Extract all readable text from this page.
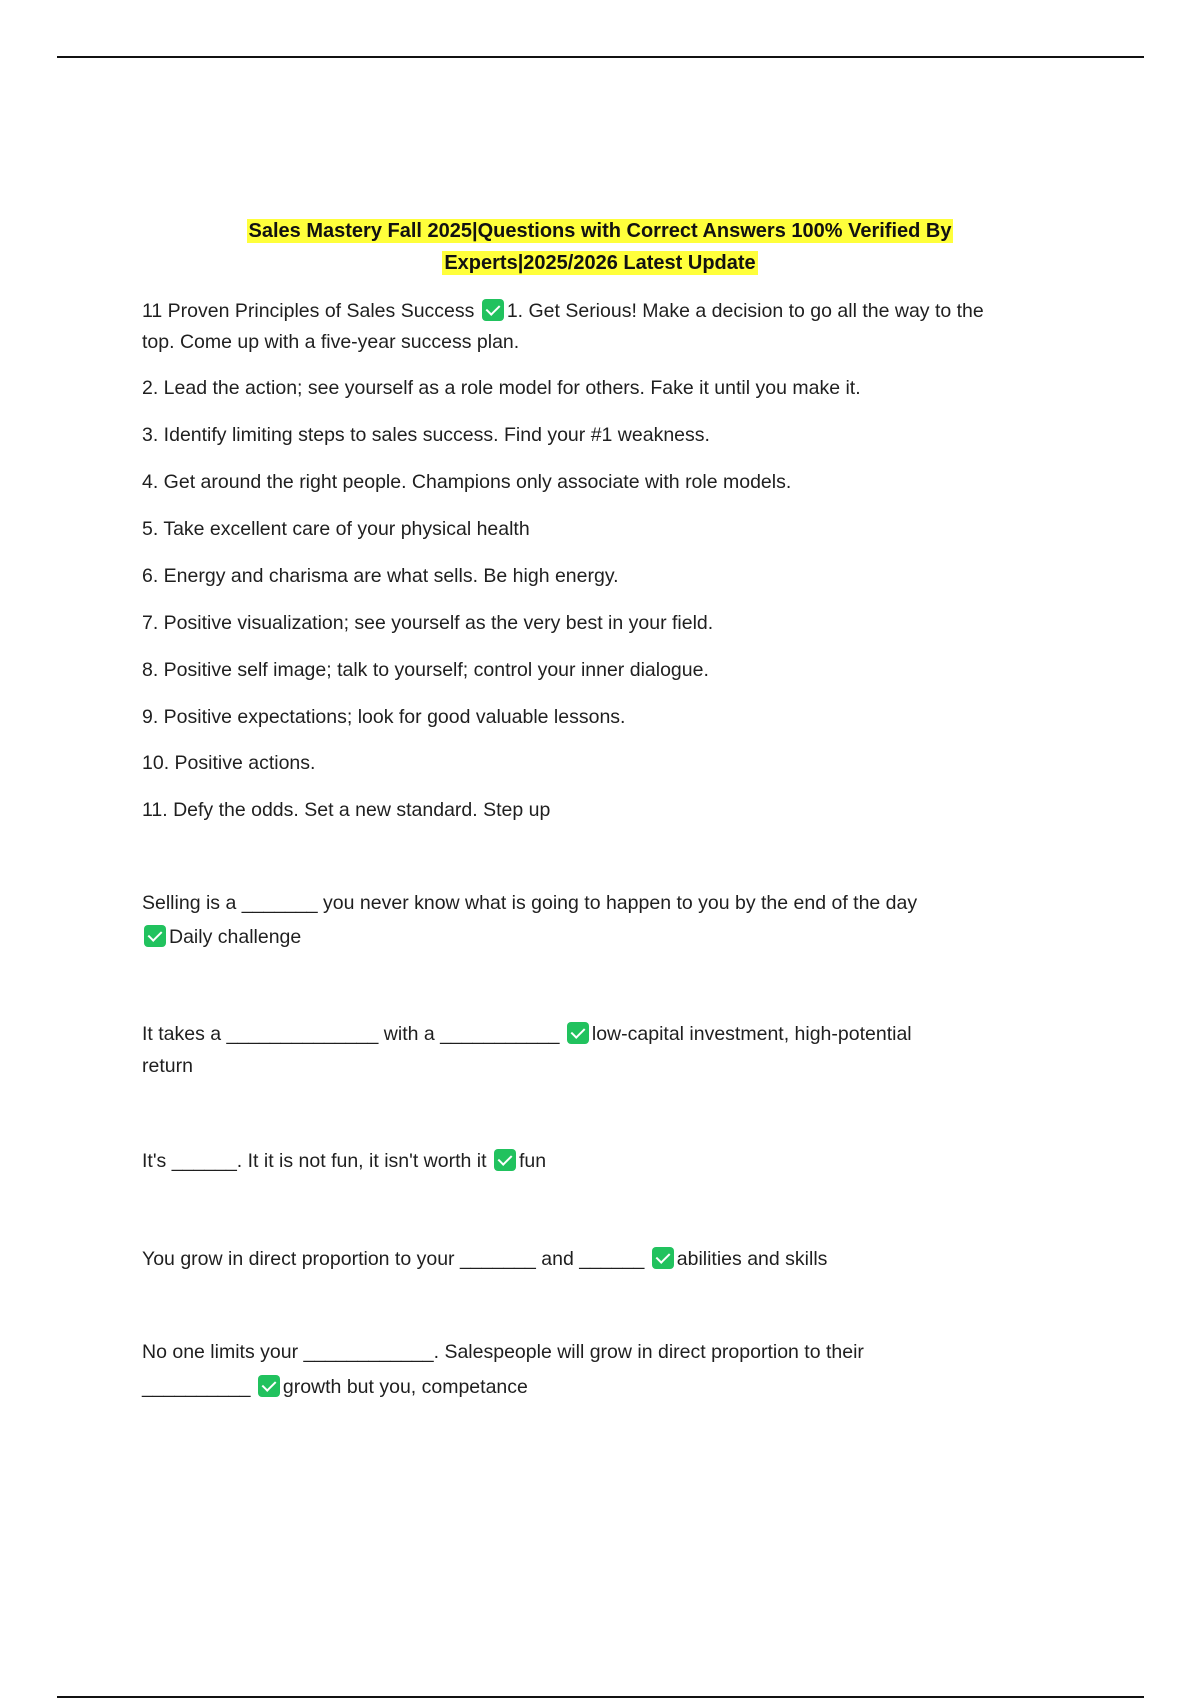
Sales Mastery Fall 2025|Questions with Correct Answers 100% Verified By
Experts|2025/2026 Latest Update
11 Proven Principles of Sales Success 1. Get Serious! Make a decision to go all the way to the
top. Come up with a five-year success plan.
2. Lead the action; see yourself as a role model for others. Fake it until you make it.
3. Identify limiting steps to sales success. Find your #1 weakness.
4. Get around the right people. Champions only associate with role models.
5. Take excellent care of your physical health
6. Energy and charisma are what sells. Be high energy.
7. Positive visualization; see yourself as the very best in your field.
8. Positive self image; talk to yourself; control your inner dialogue.
9. Positive expectations; look for good valuable lessons.
10. Positive actions.
11. Defy the odds. Set a new standard. Step up
Selling is a _______ you never know what is going to happen to you by the end of the day
Daily challenge
It takes a ______________ with a ___________ low-capital investment, high-potential
return
It's ______. It it is not fun, it isn't worth it fun
You grow in direct proportion to your _______ and ______ abilities and skills
No one limits your ____________. Salespeople will grow in direct proportion to their
__________ growth but you, competance
